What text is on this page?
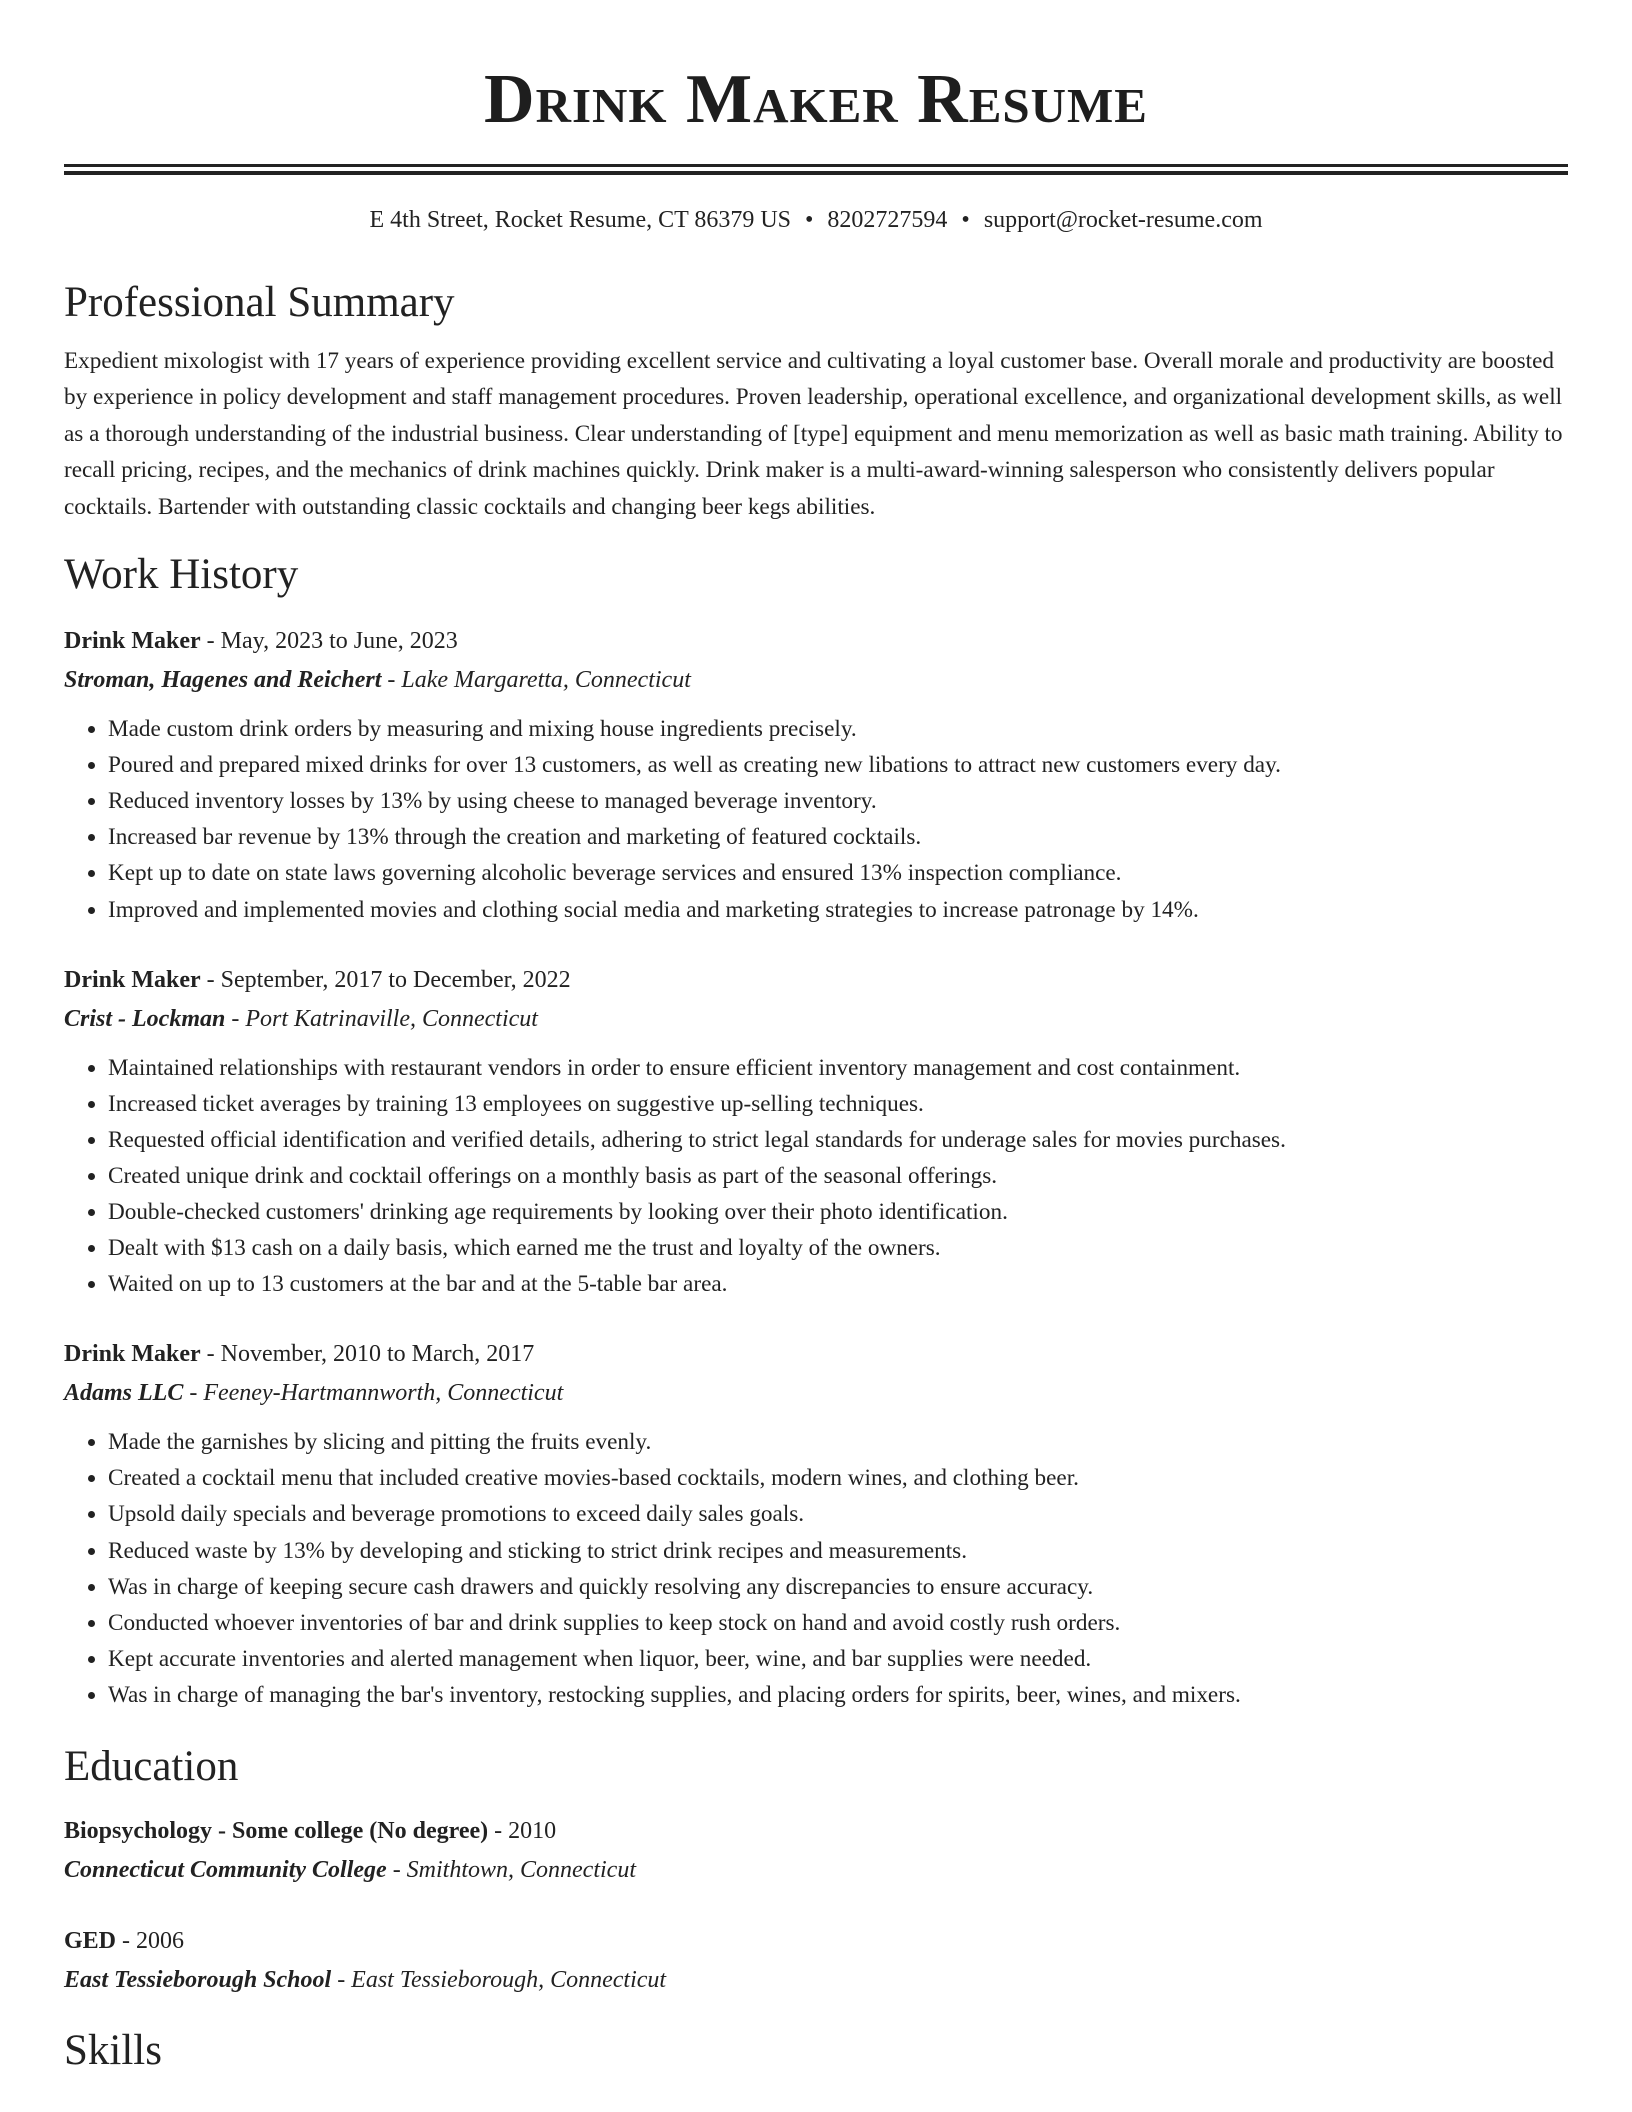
Drink Maker Resume
E 4th Street, Rocket Resume, CT 86379 US • 8202727594 • support@rocket-resume.com
Professional Summary

Expedient mixologist with 17 years of experience providing excellent service and cultivating a loyal customer base. Overall morale and productivity are boosted by experience in policy development and staff management procedures. Proven leadership, operational excellence, and organizational development skills, as well as a thorough understanding of the industrial business. Clear understanding of [type] equipment and menu memorization as well as basic math training. Ability to recall pricing, recipes, and the mechanics of drink machines quickly. Drink maker is a multi-award-winning salesperson who consistently delivers popular cocktails. Bartender with outstanding classic cocktails and changing beer kegs abilities.

Work History
Drink Maker - May, 2023 to June, 2023
Stroman, Hagenes and Reichert - Lake Margaretta, Connecticut
• Made custom drink orders by measuring and mixing house ingredients precisely.
• Poured and prepared mixed drinks for over 13 customers, as well as creating new libations to attract new customers every day.
• Reduced inventory losses by 13% by using cheese to managed beverage inventory.
• Increased bar revenue by 13% through the creation and marketing of featured cocktails.
• Kept up to date on state laws governing alcoholic beverage services and ensured 13% inspection compliance.
• Improved and implemented movies and clothing social media and marketing strategies to increase patronage by 14%.
Drink Maker - September, 2017 to December, 2022
Crist - Lockman - Port Katrinaville, Connecticut
• Maintained relationships with restaurant vendors in order to ensure efficient inventory management and cost containment.
• Increased ticket averages by training 13 employees on suggestive up-selling techniques.
• Requested official identification and verified details, adhering to strict legal standards for underage sales for movies purchases.
• Created unique drink and cocktail offerings on a monthly basis as part of the seasonal offerings.
• Double-checked customers' drinking age requirements by looking over their photo identification.
• Dealt with $13 cash on a daily basis, which earned me the trust and loyalty of the owners.
• Waited on up to 13 customers at the bar and at the 5-table bar area.
Drink Maker - November, 2010 to March, 2017
Adams LLC - Feeney-Hartmannworth, Connecticut
• Made the garnishes by slicing and pitting the fruits evenly.
• Created a cocktail menu that included creative movies-based cocktails, modern wines, and clothing beer.
• Upsold daily specials and beverage promotions to exceed daily sales goals.
• Reduced waste by 13% by developing and sticking to strict drink recipes and measurements.
• Was in charge of keeping secure cash drawers and quickly resolving any discrepancies to ensure accuracy.
• Conducted whoever inventories of bar and drink supplies to keep stock on hand and avoid costly rush orders.
• Kept accurate inventories and alerted management when liquor, beer, wine, and bar supplies were needed.
• Was in charge of managing the bar's inventory, restocking supplies, and placing orders for spirits, beer, wines, and mixers.
Education
Biopsychology - Some college (No degree) - 2010
Connecticut Community College - Smithtown, Connecticut
GED - 2006
East Tessieborough School - East Tessieborough, Connecticut
Skills
